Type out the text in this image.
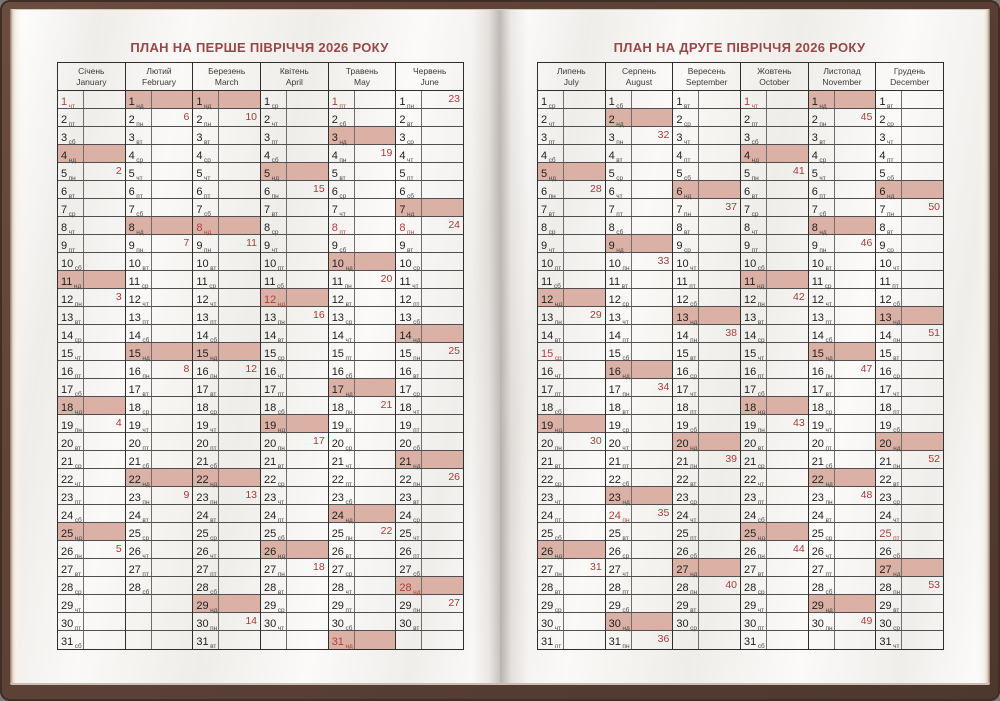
ПЛАН НА ПЕРШЕ ПІВРІЧЧЯ 2026 РОКУ
Січень
January
1 чт
2 пт
3 сб
4 нд
5 пн
2
6 вт
7 ср
8 чт
9 пт
10 сб
11 нд
12 пн
3
13 вт
14 ср
15 чт
16 пт
17 сб
18 нд
19 пн
4
20 вт
21 ср
22 чт
23 пт
24 сб
25 нд
26 пн
5
27 вт
28 ср
29 чт
30 пт
31 сб
Лютий
February
1 нд
2 пн
6
3 вт
4 ср
5 чт
6 пт
7 сб
8 нд
9 пн
7
10 вт
11 ср
12 чт
13 пт
14 сб
15 нд
16 пн
8
17 вт
18 ср
19 чт
20 пт
21 сб
22 нд
23 пн
9
24 вт
25 ср
26 чт
27 пт
28 сб
Березень
March
1 нд
2 пн
10
3 вт
4 ср
5 чт
6 пт
7 сб
8 нд
9 пн
11
10 вт
11 ср
12 чт
13 пт
14 сб
15 нд
16 пн
12
17 вт
18 ср
19 чт
20 пт
21 сб
22 нд
23 пн
13
24 вт
25 ср
26 чт
27 пт
28 сб
29 нд
30 пн
14
31 вт
Квітень
April
1 ср
2 чт
3 пт
4 сб
5 нд
6 пн
15
7 вт
8 ср
9 чт
10 пт
11 сб
12 нд
13 пн
16
14 вт
15 ср
16 чт
17 пт
18 сб
19 нд
20 пн
17
21 вт
22 ср
23 чт
24 пт
25 сб
26 нд
27 пн
18
28 вт
29 ср
30 чт
Травень
May
1 пт
2 сб
3 нд
4 пн
19
5 вт
6 ср
7 чт
8 пт
9 сб
10 нд
11 пн
20
12 вт
13 ср
14 чт
15 пт
16 сб
17 нд
18 пн
21
19 вт
20 ср
21 чт
22 пт
23 сб
24 нд
25 пн
22
26 вт
27 ср
28 чт
29 пт
30 сб
31 нд
Червень
June
1 пн
23
2 вт
3 ср
4 чт
5 пт
6 сб
7 нд
8 пн
24
9 вт
10 ср
11 чт
12 пт
13 сб
14 нд
15 пн
25
16 вт
17 ср
18 чт
19 пт
20 сб
21 нд
22 пн
26
23 вт
24 ср
25 чт
26 пт
27 сб
28 нд
29 пн
27
30 вт
ПЛАН НА ДРУГЕ ПІВРІЧЧЯ 2026 РОКУ
Липень
July
1 ср
2 чт
3 пт
4 сб
5 нд
6 пн
28
7 вт
8 ср
9 чт
10 пт
11 сб
12 нд
13 пн
29
14 вт
15 ср
16 чт
17 пт
18 сб
19 нд
20 пн
30
21 вт
22 ср
23 чт
24 пт
25 сб
26 нд
27 пн
31
28 вт
29 ср
30 чт
31 пт
Серпень
August
1 сб
2 нд
3 пн
32
4 вт
5 ср
6 чт
7 пт
8 сб
9 нд
10 пн
33
11 вт
12 ср
13 чт
14 пт
15 сб
16 нд
17 пн
34
18 вт
19 ср
20 чт
21 пт
22 сб
23 нд
24 пн
35
25 вт
26 ср
27 чт
28 пт
29 сб
30 нд
31 пн
36
Вересень
September
1 вт
2 ср
3 чт
4 пт
5 сб
6 нд
7 пн
37
8 вт
9 ср
10 чт
11 пт
12 сб
13 нд
14 пн
38
15 вт
16 ср
17 чт
18 пт
19 сб
20 нд
21 пн
39
22 вт
23 ср
24 чт
25 пт
26 сб
27 нд
28 пн
40
29 вт
30 ср
Жовтень
October
1 чт
2 пт
3 сб
4 нд
5 пн
41
6 вт
7 ср
8 чт
9 пт
10 сб
11 нд
12 пн
42
13 вт
14 ср
15 чт
16 пт
17 сб
18 нд
19 пн
43
20 вт
21 ср
22 чт
23 пт
24 сб
25 нд
26 пн
44
27 вт
28 ср
29 чт
30 пт
31 сб
Листопад
November
1 нд
2 пн
45
3 вт
4 ср
5 чт
6 пт
7 сб
8 нд
9 пн
46
10 вт
11 ср
12 чт
13 пт
14 сб
15 нд
16 пн
47
17 вт
18 ср
19 чт
20 пт
21 сб
22 нд
23 пн
48
24 вт
25 ср
26 чт
27 пт
28 сб
29 нд
30 пн
49
Грудень
December
1 вт
2 ср
3 чт
4 пт
5 сб
6 нд
7 пн
50
8 вт
9 ср
10 чт
11 пт
12 сб
13 нд
14 пн
51
15 вт
16 ср
17 чт
18 пт
19 сб
20 нд
21 пн
52
22 вт
23 ср
24 чт
25 пт
26 сб
27 нд
28 пн
53
29 вт
30 ср
31 чт
